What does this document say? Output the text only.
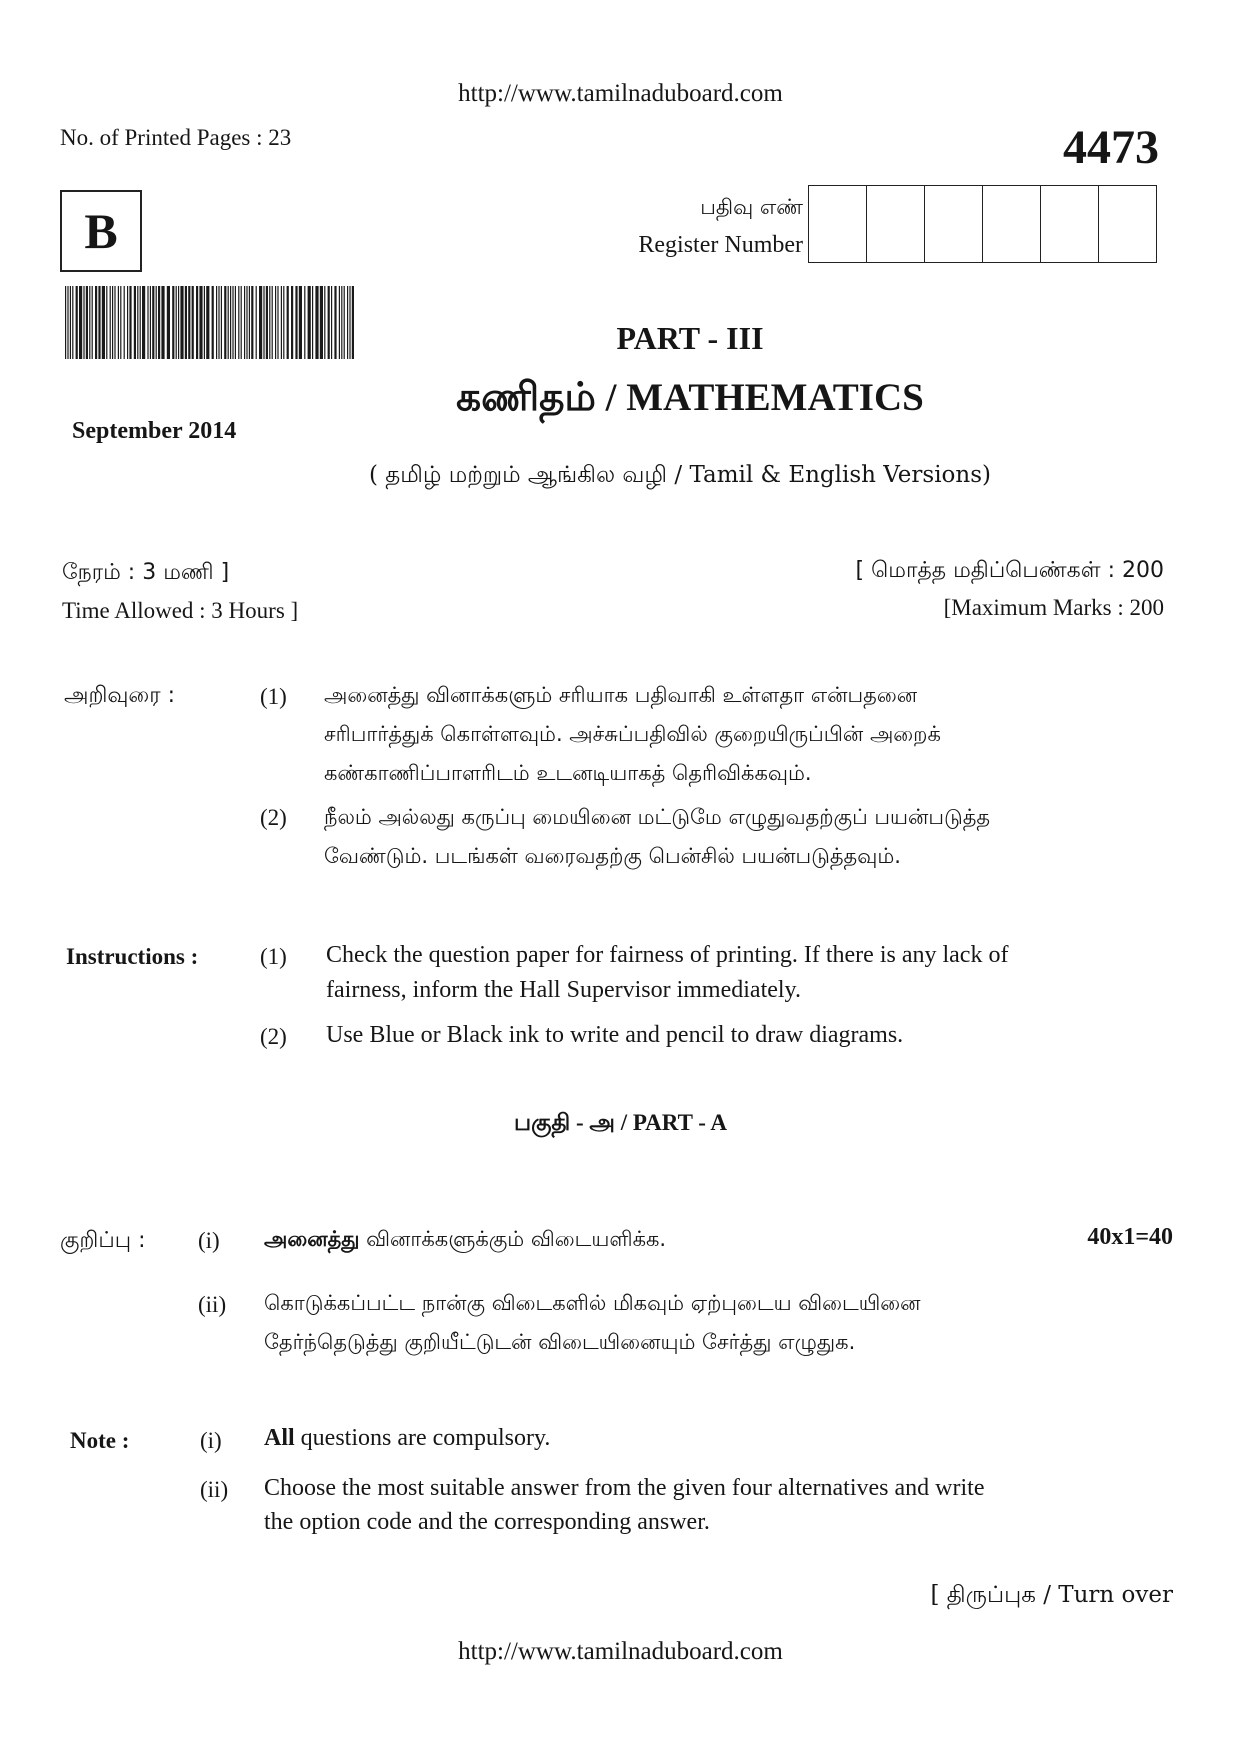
http://www.tamilnaduboard.com
No. of Printed Pages : 23	4473
B	பதிவு எண்
Register Number
PART - III
கணிதம் / MATHEMATICS
September 2014
( தமிழ் மற்றும் ஆங்கில வழி / Tamil & English Versions)
நேரம் : 3 மணி ]
Time Allowed : 3 Hours ]
[ மொத்த மதிப்பெண்கள் : 200
[Maximum Marks : 200
அறிவுரை :	(1) அனைத்து வினாக்களும் சரியாக பதிவாகி உள்ளதா என்பதனை
சரிபார்த்துக் கொள்ளவும். அச்சுப்பதிவில் குறையிருப்பின் அறைக்
கண்காணிப்பாளரிடம் உடனடியாகத் தெரிவிக்கவும்.
(2) நீலம் அல்லது கருப்பு மையினை மட்டுமே எழுதுவதற்குப் பயன்படுத்த
வேண்டும். படங்கள் வரைவதற்கு பென்சில் பயன்படுத்தவும்.
Instructions :	(1) Check the question paper for fairness of printing. If there is any lack of
fairness, inform the Hall Supervisor immediately.
(2) Use Blue or Black ink to write and pencil to draw diagrams.
பகுதி - அ / PART - A
குறிப்பு : (i) அனைத்து வினாக்களுக்கும் விடையளிக்க.	40x1=40
(ii) கொடுக்கப்பட்ட நான்கு விடைகளில் மிகவும் ஏற்புடைய விடையினை
தேர்ந்தெடுத்து குறியீட்டுடன் விடையினையும் சேர்த்து எழுதுக.
Note :	(i) All questions are compulsory.
(ii) Choose the most suitable answer from the given four alternatives and write
the option code and the corresponding answer.
[ திருப்புக / Turn over
http://www.tamilnaduboard.com
